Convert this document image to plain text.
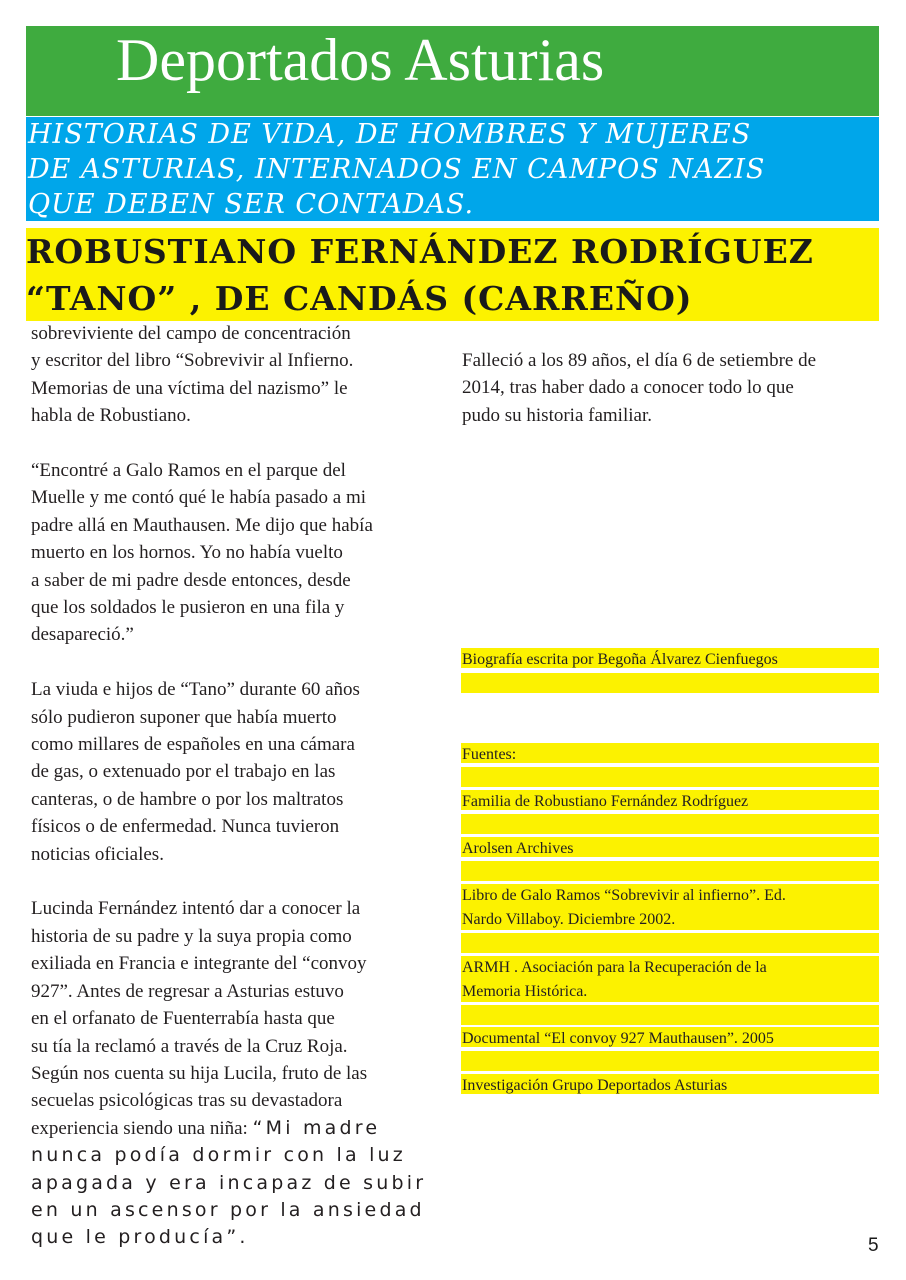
Deportados Asturias
HISTORIAS DE VIDA, DE HOMBRES Y MUJERES
DE ASTURIAS, INTERNADOS EN CAMPOS NAZIS
QUE DEBEN SER CONTADAS.
ROBUSTIANO FERNÁNDEZ RODRÍGUEZ
“TANO” , DE CANDÁS (CARREÑO)

sobreviviente del campo de concentración
y escritor del libro “Sobrevivir al Infierno.
Memorias de una víctima del nazismo” le
habla de Robustiano.

“Encontré a Galo Ramos en el parque del
Muelle y me contó qué le había pasado a mi
padre allá en Mauthausen. Me dijo que había
muerto en los hornos. Yo no había vuelto
a saber de mi padre desde entonces, desde
que los soldados le pusieron en una fila y
desapareció.”

La viuda e hijos de “Tano” durante 60 años
sólo pudieron suponer que había muerto
como millares de españoles en una cámara
de gas, o extenuado por el trabajo en las
canteras, o de hambre o por los maltratos
físicos o de enfermedad. Nunca tuvieron
noticias oficiales.

Lucinda Fernández intentó dar a conocer la
historia de su padre y la suya propia como
exiliada en Francia e integrante del “convoy
927”. Antes de regresar a Asturias estuvo
en el orfanato de Fuenterrabía hasta que
su tía la reclamó a través de la Cruz Roja.
Según nos cuenta su hija Lucila, fruto de las
secuelas psicológicas tras su devastadora
experiencia siendo una niña: “Mi madre
nunca podía dormir con la luz
apagada y era incapaz de subir
en un ascensor por la ansiedad
que le producía”.

Falleció a los 89 años, el día 6 de setiembre de
2014, tras haber dado a conocer todo lo que
pudo su historia familiar.
Biografía escrita por Begoña Álvarez Cienfuegos
Fuentes:
Familia de Robustiano Fernández Rodríguez
Arolsen Archives
Libro de Galo Ramos “Sobrevivir al infierno”. Ed.
Nardo Villaboy. Diciembre 2002.
ARMH . Asociación para la Recuperación de la
Memoria Histórica.
Documental “El convoy 927 Mauthausen”. 2005
Investigación Grupo Deportados Asturias
5
